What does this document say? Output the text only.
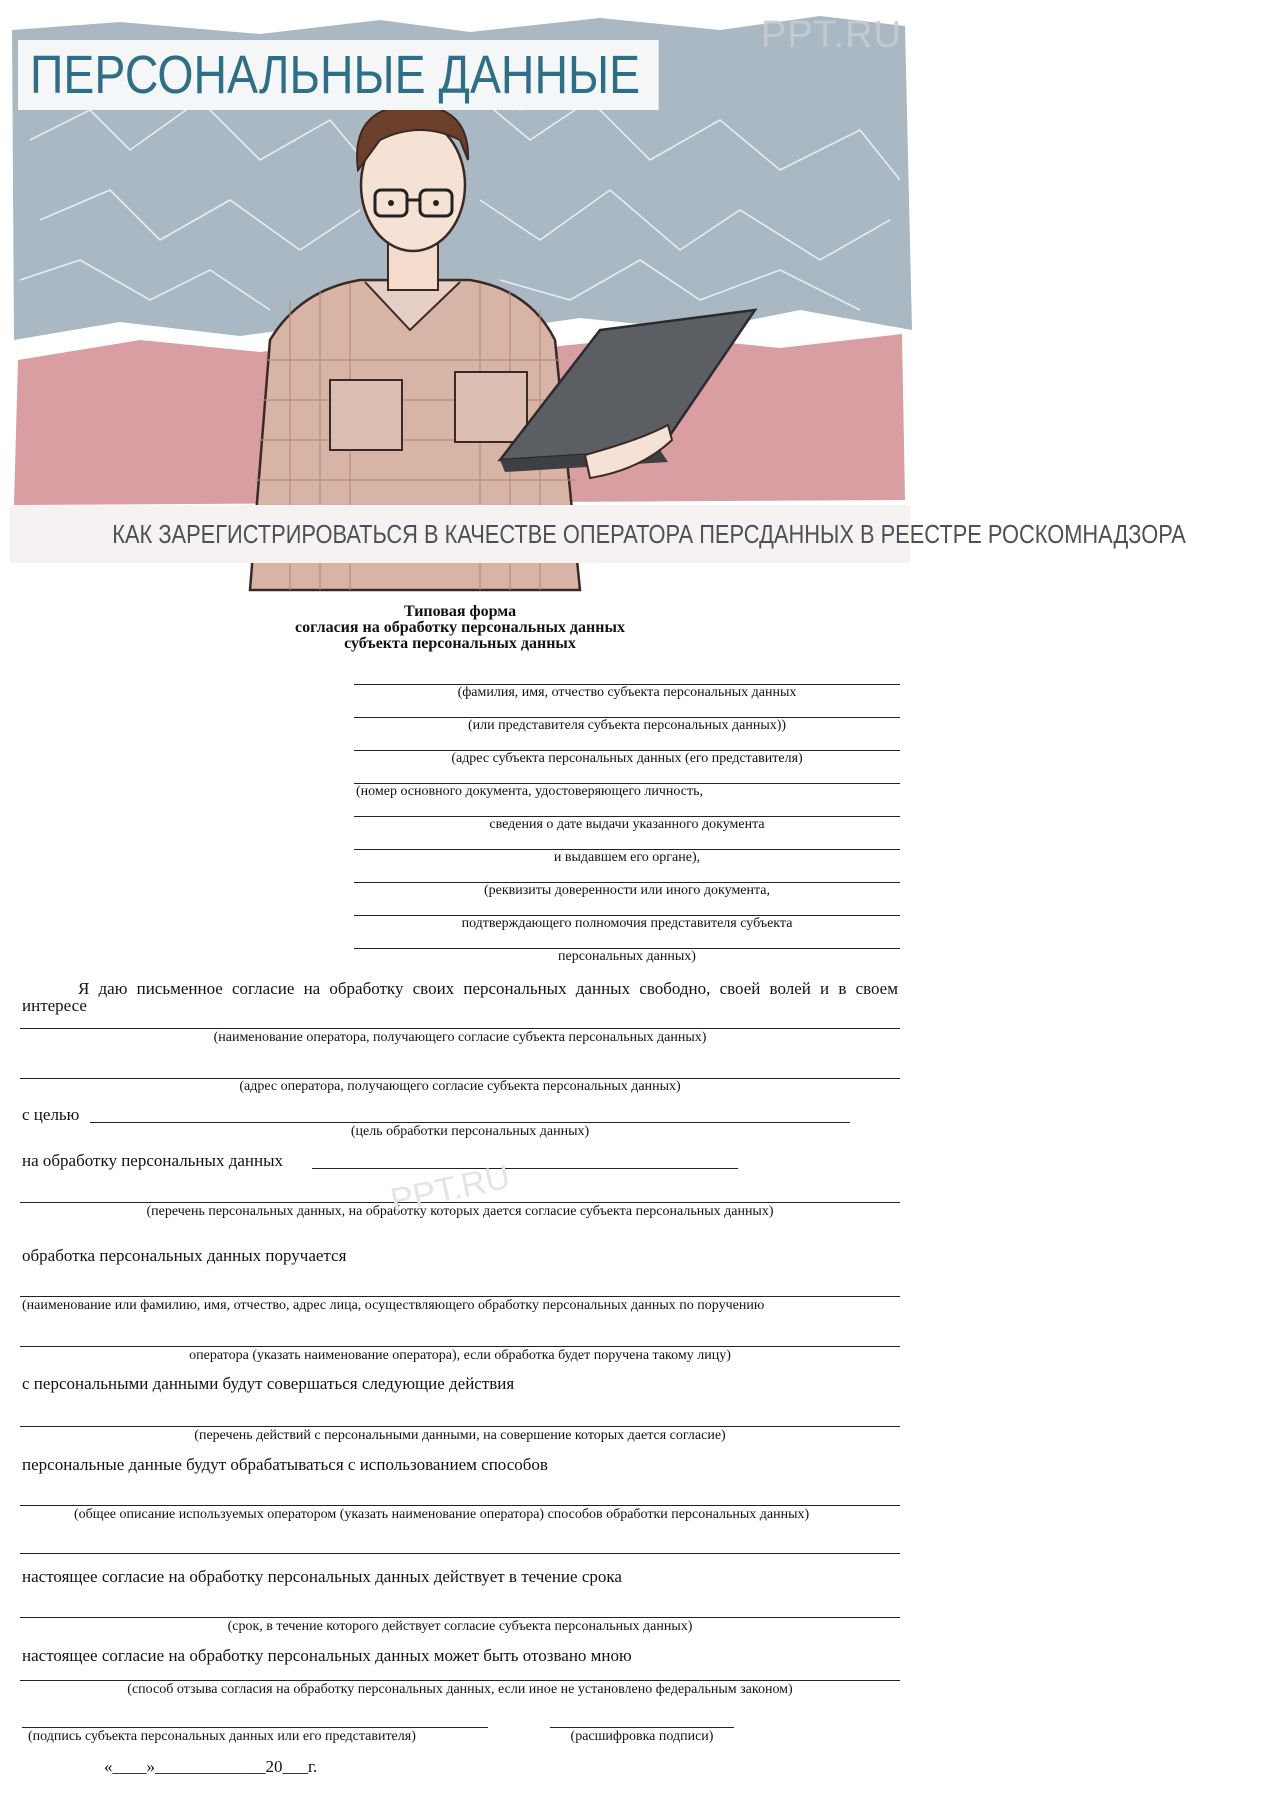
ПЕРСОНАЛЬНЫЕ ДАННЫЕ
PPT.RU
КАК ЗАРЕГИСТРИРОВАТЬСЯ В КАЧЕСТВЕ ОПЕРАТОРА ПЕРСДАННЫХ В РЕЕСТРЕ РОСКОМНАДЗОРА
Типовая форма
согласия на обработку персональных данных
субъекта персональных данных
(фамилия, имя, отчество субъекта персональных данных
(или представителя субъекта персональных данных))
(адрес субъекта персональных данных (его представителя)
(номер основного документа, удостоверяющего личность,
сведения о дате выдачи указанного документа
и выдавшем его органе),
(реквизиты доверенности или иного документа,
подтверждающего полномочия представителя субъекта
персональных данных)
Я даю письменное согласие на обработку своих персональных данных свободно, своей волей и в своем интересе
(наименование оператора, получающего согласие субъекта персональных данных)
(адрес оператора, получающего согласие субъекта персональных данных)
с целью
(цель обработки персональных данных)
на обработку персональных данных
(перечень персональных данных, на обработку которых дается согласие субъекта персональных данных)
PPT.RU
обработка персональных данных поручается
(наименование или фамилию, имя, отчество, адрес лица, осуществляющего обработку персональных данных по поручению
оператора (указать наименование оператора), если обработка будет поручена такому лицу)
с персональными данными будут совершаться следующие действия
(перечень действий с персональными данными, на совершение которых дается согласие)
персональные данные будут обрабатываться с использованием способов
(общее описание используемых оператором (указать наименование оператора) способов обработки персональных данных)
настоящее согласие на обработку персональных данных действует в течение срока
(срок, в течение которого действует согласие субъекта персональных данных)
настоящее согласие на обработку персональных данных может быть отозвано мною
(способ отзыва согласия на обработку персональных данных, если иное не установлено федеральным законом)
(подпись субъекта персональных данных или его представителя)	(расшифровка подписи)
«____»_____________20___г.
